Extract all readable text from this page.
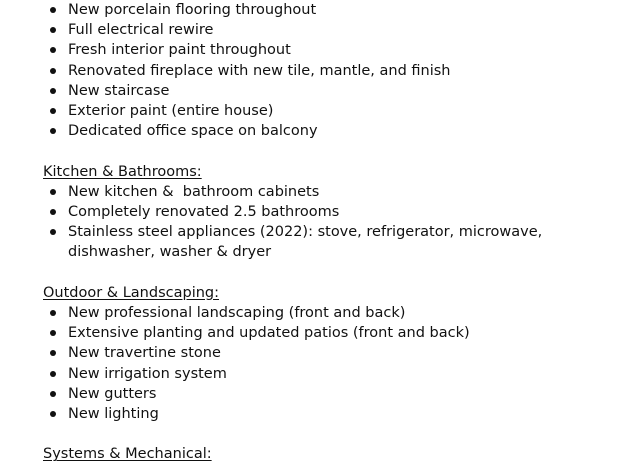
New porcelain flooring throughout
Full electrical rewire
Fresh interior paint throughout
Renovated fireplace with new tile, mantle, and finish
New staircase
Exterior paint (entire house)
Dedicated office space on balcony
Kitchen & Bathrooms:
New kitchen &  bathroom cabinets
Completely renovated 2.5 bathrooms
Stainless steel appliances (2022): stove, refrigerator, microwave, dishwasher, washer & dryer
Outdoor & Landscaping:
New professional landscaping (front and back)
Extensive planting and updated patios (front and back)
New travertine stone
New irrigation system
New gutters
New lighting
Systems & Mechanical:
